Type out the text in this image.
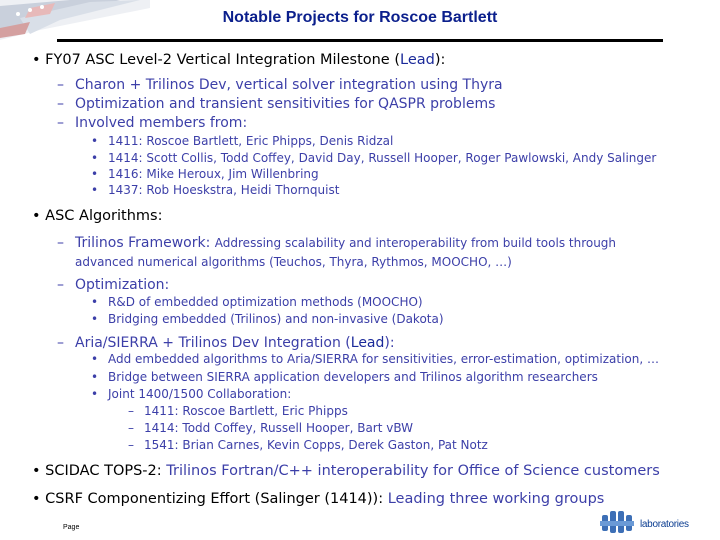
Notable Projects for Roscoe Bartlett
• FY07 ASC Level-2 Vertical Integration Milestone (Lead):
– Charon + Trilinos Dev, vertical solver integration using Thyra
– Optimization and transient sensitivities for QASPR problems
– Involved members from:
• 1411: Roscoe Bartlett, Eric Phipps, Denis Ridzal
• 1414: Scott Collis, Todd Coffey, David Day, Russell Hooper, Roger Pawlowski, Andy Salinger
• 1416: Mike Heroux, Jim Willenbring
• 1437: Rob Hoeskstra, Heidi Thornquist
• ASC Algorithms:
– Trilinos Framework: Addressing scalability and interoperability from build tools through
advanced numerical algorithms (Teuchos, Thyra, Rythmos, MOOCHO, …)
– Optimization:
• R&D of embedded optimization methods (MOOCHO)
• Bridging embedded (Trilinos) and non-invasive (Dakota)
– Aria/SIERRA + Trilinos Dev Integration (Lead):
• Add embedded algorithms to Aria/SIERRA for sensitivities, error-estimation, optimization, …
• Bridge between SIERRA application developers and Trilinos algorithm researchers
• Joint 1400/1500 Collaboration:
– 1411: Roscoe Bartlett, Eric Phipps
– 1414: Todd Coffey, Russell Hooper, Bart vBW
– 1541: Brian Carnes, Kevin Copps, Derek Gaston, Pat Notz
• SCIDAC TOPS-2: Trilinos Fortran/C++ interoperability for Office of Science customers
• CSRF Componentizing Effort (Salinger (1414)): Leading three working groups
Page	laboratories
